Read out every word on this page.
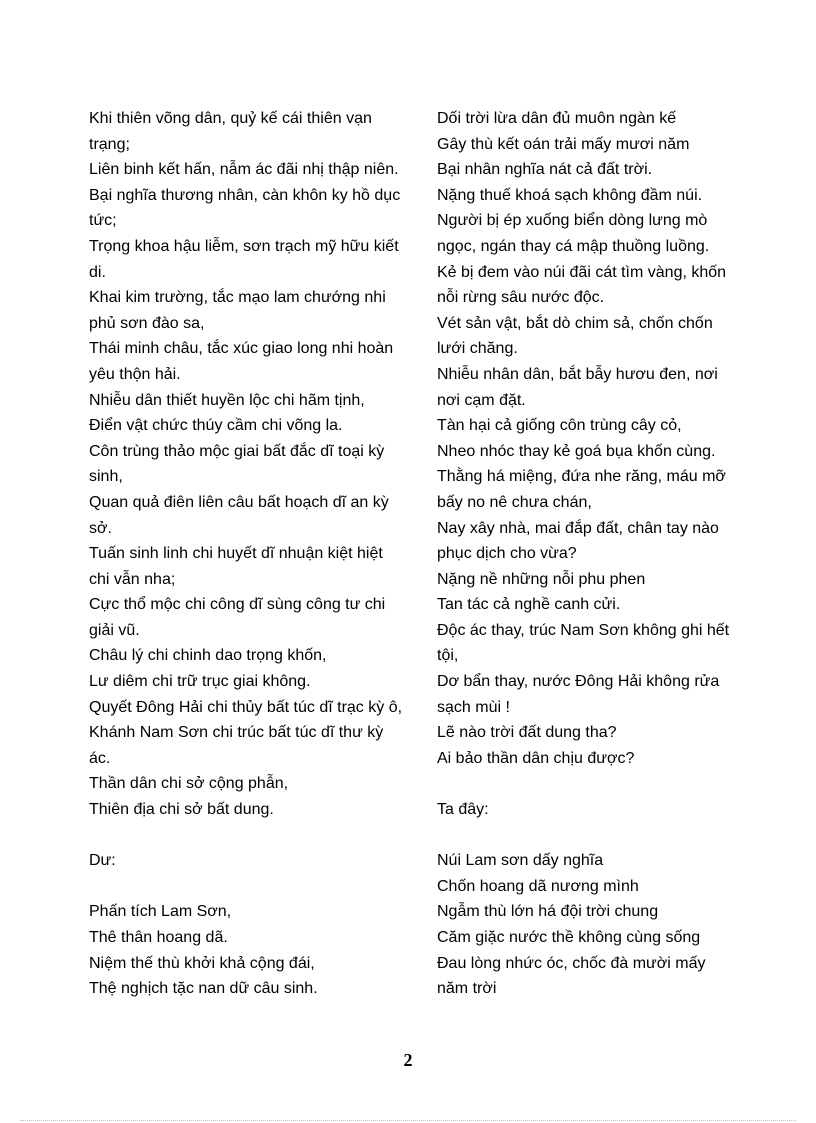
Khi thiên võng dân, quỷ kế cái thiên vạn
trạng;
Liên binh kết hấn, nẫm ác đãi nhị thập niên.
Bại nghĩa thương nhân, càn khôn ky hồ dục
tức;
Trọng khoa hậu liễm, sơn trạch mỹ hữu kiết
di.
Khai kim trường, tắc mạo lam chướng nhi
phủ sơn đào sa,
Thái minh châu, tắc xúc giao long nhi hoàn
yêu thộn hải.
Nhiễu dân thiết huyền lộc chi hãm tịnh,
Điển vật chức thúy cầm chi võng la.
Côn trùng thảo mộc giai bất đắc dĩ toại kỳ
sinh,
Quan quả điên liên câu bất hoạch dĩ an kỳ
sở.
Tuấn sinh linh chi huyết dĩ nhuận kiệt hiệt
chi vẫn nha;
Cực thổ mộc chi công dĩ sùng công tư chi
giải vũ.
Châu lý chi chinh dao trọng khốn,
Lư diêm chi trữ trục giai không.
Quyết Đông Hải chi thủy bất túc dĩ trạc kỳ ô,
Khánh Nam Sơn chi trúc bất túc dĩ thư kỳ
ác.
Thần dân chi sở cộng phẫn,
Thiên địa chi sở bất dung.
Dư:
Phấn tích Lam Sơn,
Thê thân hoang dã.
Niệm thế thù khởi khả cộng đái,
Thệ nghịch tặc nan dữ câu sinh.
Dối trời lừa dân đủ muôn ngàn kế
Gây thù kết oán trải mấy mươi năm
Bại nhân nghĩa nát cả đất trời.
Nặng thuế khoá sạch không đầm núi.
Người bị ép xuống biển dòng lưng mò
ngọc, ngán thay cá mập thuồng luồng.
Kẻ bị đem vào núi đãi cát tìm vàng, khốn
nỗi rừng sâu nước độc.
Vét sản vật, bắt dò chim sả, chốn chốn
lưới chăng.
Nhiễu nhân dân, bắt bẫy hươu đen, nơi
nơi cạm đặt.
Tàn hại cả giống côn trùng cây cỏ,
Nheo nhóc thay kẻ goá bụa khốn cùng.
Thằng há miệng, đứa nhe răng, máu mỡ
bấy no nê chưa chán,
Nay xây nhà, mai đắp đất, chân tay nào
phục dịch cho vừa?
Nặng nề những nỗi phu phen
Tan tác cả nghề canh cửi.
Độc ác thay, trúc Nam Sơn không ghi hết
tội,
Dơ bẩn thay, nước Đông Hải không rửa
sạch mùi !
Lẽ nào trời đất dung tha?
Ai bảo thần dân chịu được?
Ta đây:
Núi Lam sơn dấy nghĩa
Chốn hoang dã nương mình
Ngẫm thù lớn há đội trời chung
Căm giặc nước thề không cùng sống
Đau lòng nhức óc, chốc đà mười mấy
năm trời
2
